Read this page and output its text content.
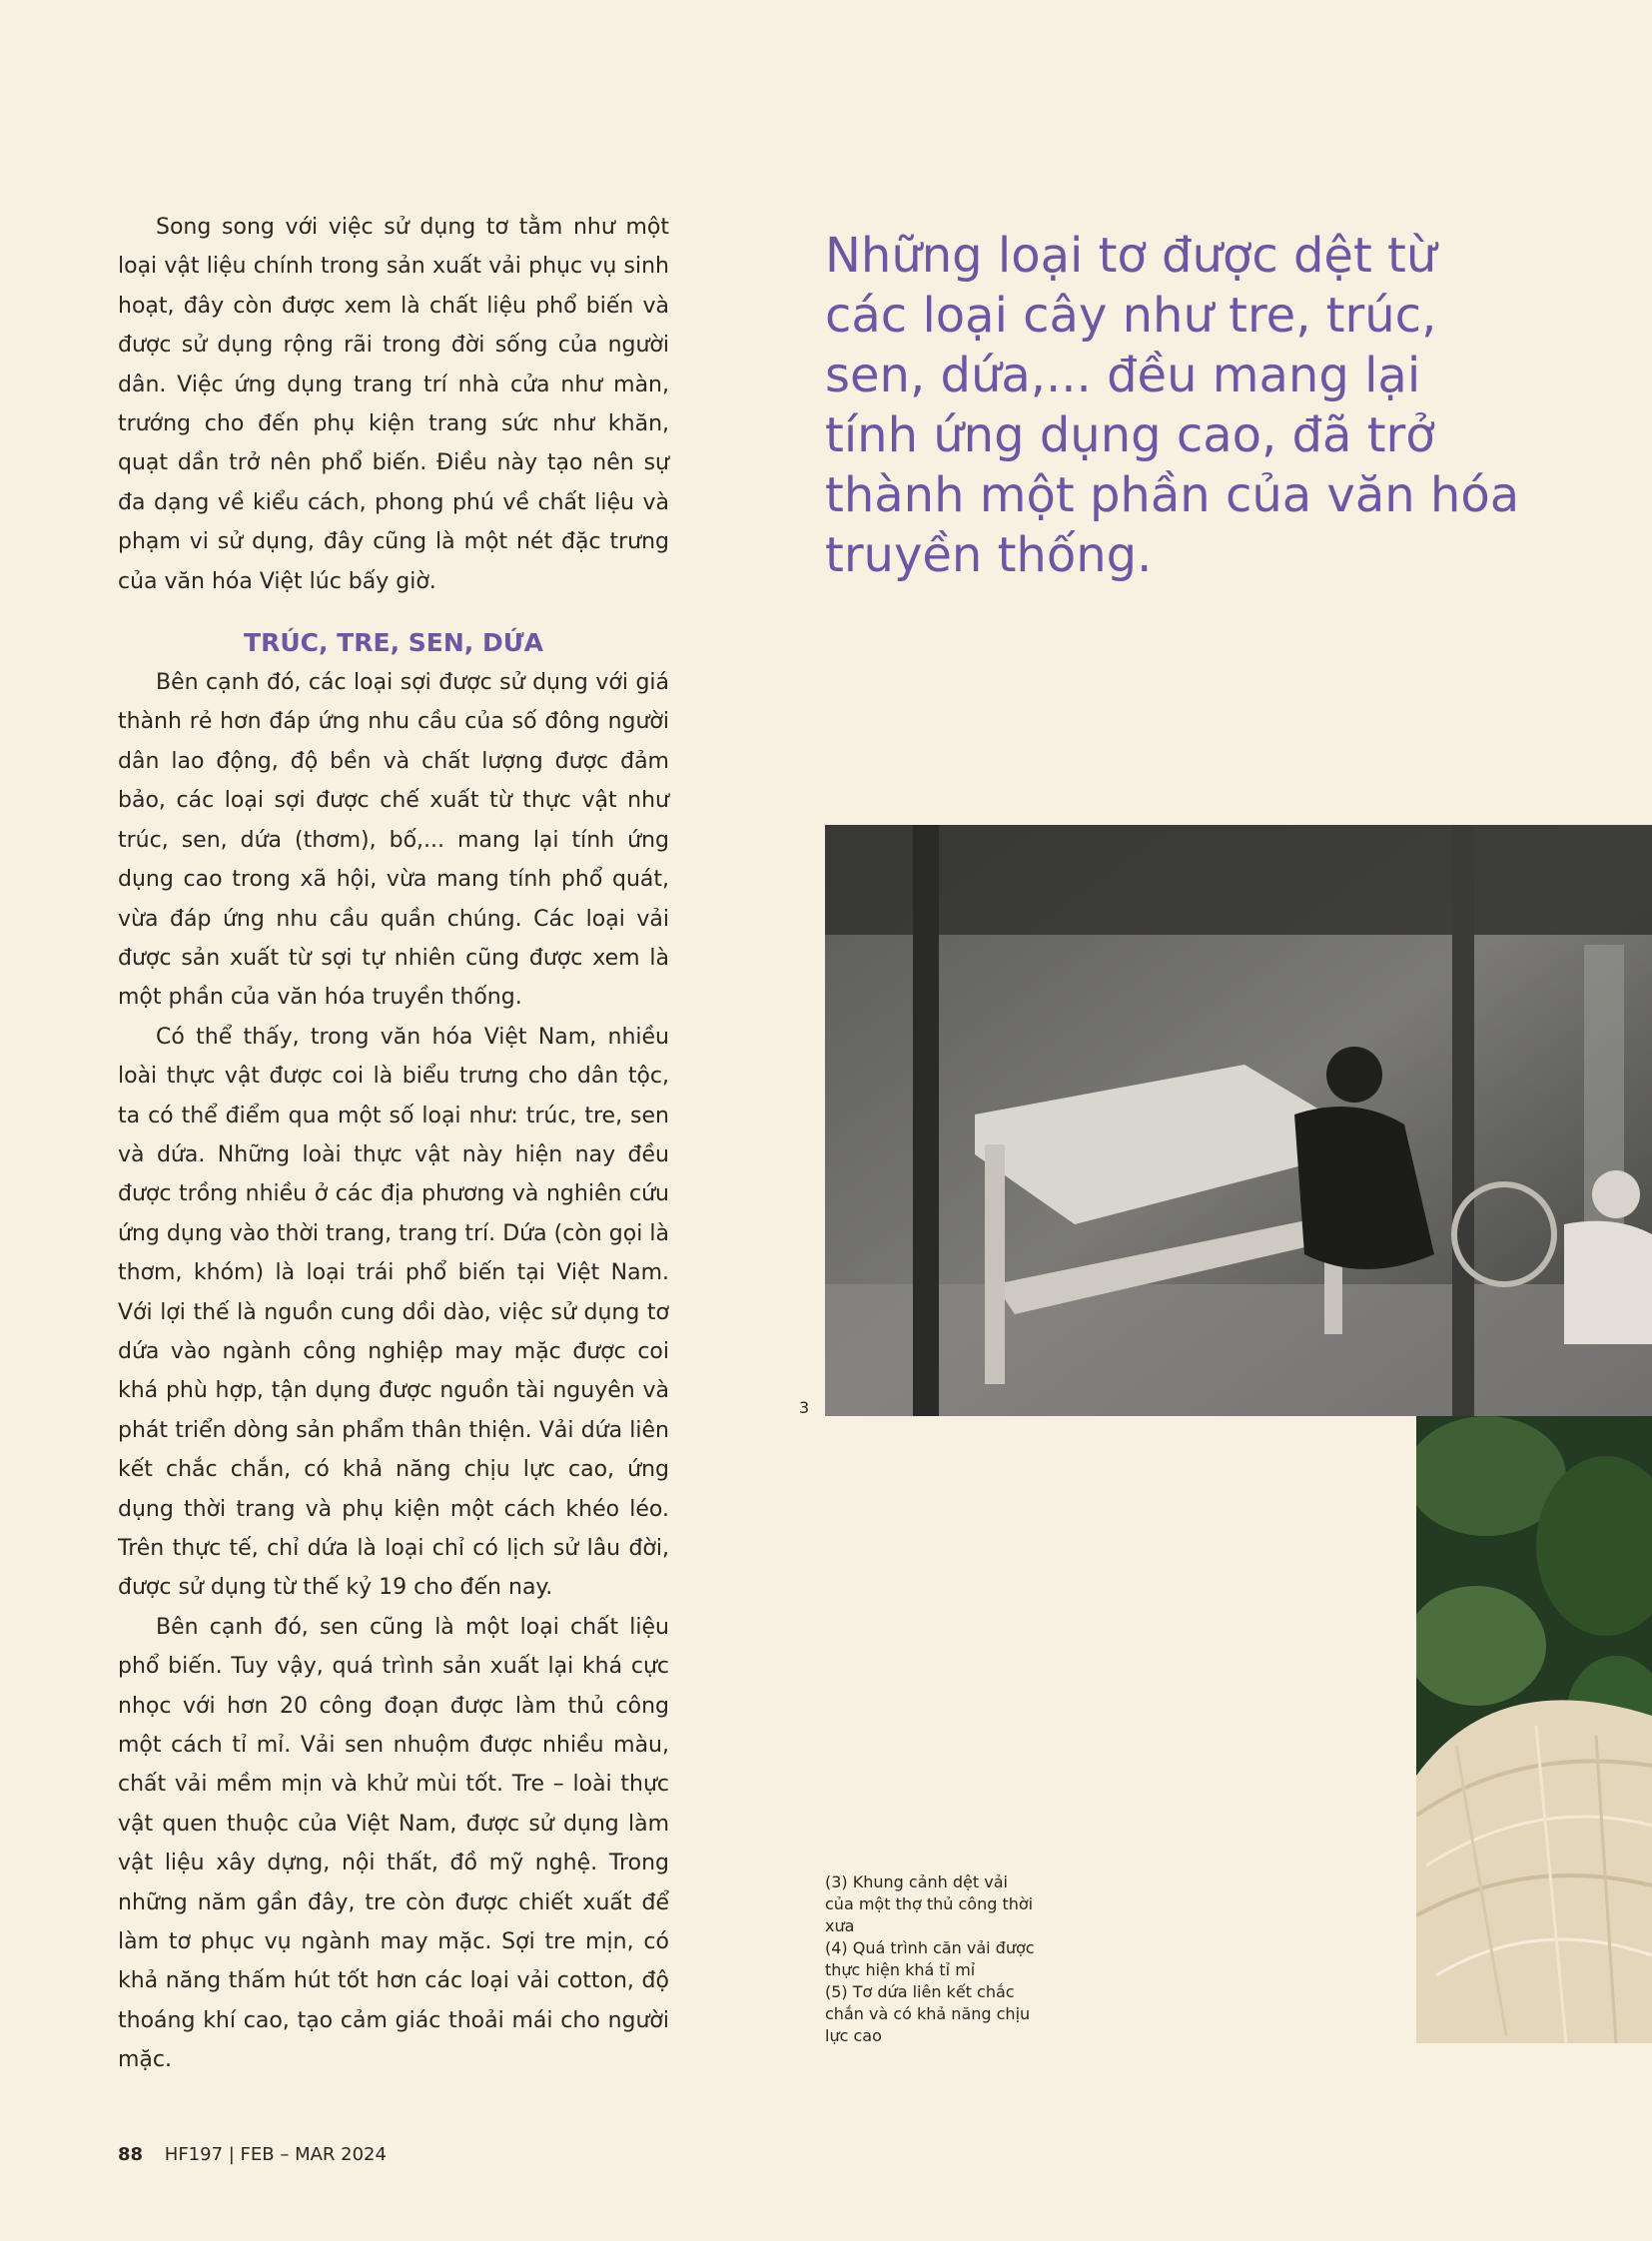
Song song với việc sử dụng tơ tằm như một loại vật liệu chính trong sản xuất vải phục vụ sinh hoạt, đây còn được xem là chất liệu phổ biến và được sử dụng rộng rãi trong đời sống của người dân. Việc ứng dụng trang trí nhà cửa như màn, trướng cho đến phụ kiện trang sức như khăn, quạt dần trở nên phổ biến. Điều này tạo nên sự đa dạng về kiểu cách, phong phú về chất liệu và phạm vi sử dụng, đây cũng là một nét đặc trưng của văn hóa Việt lúc bấy giờ.

TRÚC, TRE, SEN, DỨA

Bên cạnh đó, các loại sợi được sử dụng với giá thành rẻ hơn đáp ứng nhu cầu của số đông người dân lao động, độ bền và chất lượng được đảm bảo, các loại sợi được chế xuất từ thực vật như trúc, sen, dứa (thơm), bố,... mang lại tính ứng dụng cao trong xã hội, vừa mang tính phổ quát, vừa đáp ứng nhu cầu quần chúng. Các loại vải được sản xuất từ sợi tự nhiên cũng được xem là một phần của văn hóa truyền thống.

Có thể thấy, trong văn hóa Việt Nam, nhiều loài thực vật được coi là biểu trưng cho dân tộc, ta có thể điểm qua một số loại như: trúc, tre, sen và dứa. Những loài thực vật này hiện nay đều được trồng nhiều ở các địa phương và nghiên cứu ứng dụng vào thời trang, trang trí. Dứa (còn gọi là thơm, khóm) là loại trái phổ biến tại Việt Nam. Với lợi thế là nguồn cung dồi dào, việc sử dụng tơ dứa vào ngành công nghiệp may mặc được coi khá phù hợp, tận dụng được nguồn tài nguyên và phát triển dòng sản phẩm thân thiện. Vải dứa liên kết chắc chắn, có khả năng chịu lực cao, ứng dụng thời trang và phụ kiện một cách khéo léo. Trên thực tế, chỉ dứa là loại chỉ có lịch sử lâu đời, được sử dụng từ thế kỷ 19 cho đến nay.

Bên cạnh đó, sen cũng là một loại chất liệu phổ biến. Tuy vậy, quá trình sản xuất lại khá cực nhọc với hơn 20 công đoạn được làm thủ công một cách tỉ mỉ. Vải sen nhuộm được nhiều màu, chất vải mềm mịn và khử mùi tốt. Tre – loài thực vật quen thuộc của Việt Nam, được sử dụng làm vật liệu xây dựng, nội thất, đồ mỹ nghệ. Trong những năm gần đây, tre còn được chiết xuất để làm tơ phục vụ ngành may mặc. Sợi tre mịn, có khả năng thấm hút tốt hơn các loại vải cotton, độ thoáng khí cao, tạo cảm giác thoải mái cho người mặc.

Những loại tơ được dệt từ các loại cây như tre, trúc, sen, dứa,... đều mang lại tính ứng dụng cao, đã trở thành một phần của văn hóa truyền thống.
3
(3) Khung cảnh dệt vải của một thợ thủ công thời xưa
(4) Quá trình căn vải được thực hiện khá tỉ mỉ
(5) Tơ dứa liên kết chắc chắn và có khả năng chịu lực cao
88 HF197 | FEB – MAR 2024
